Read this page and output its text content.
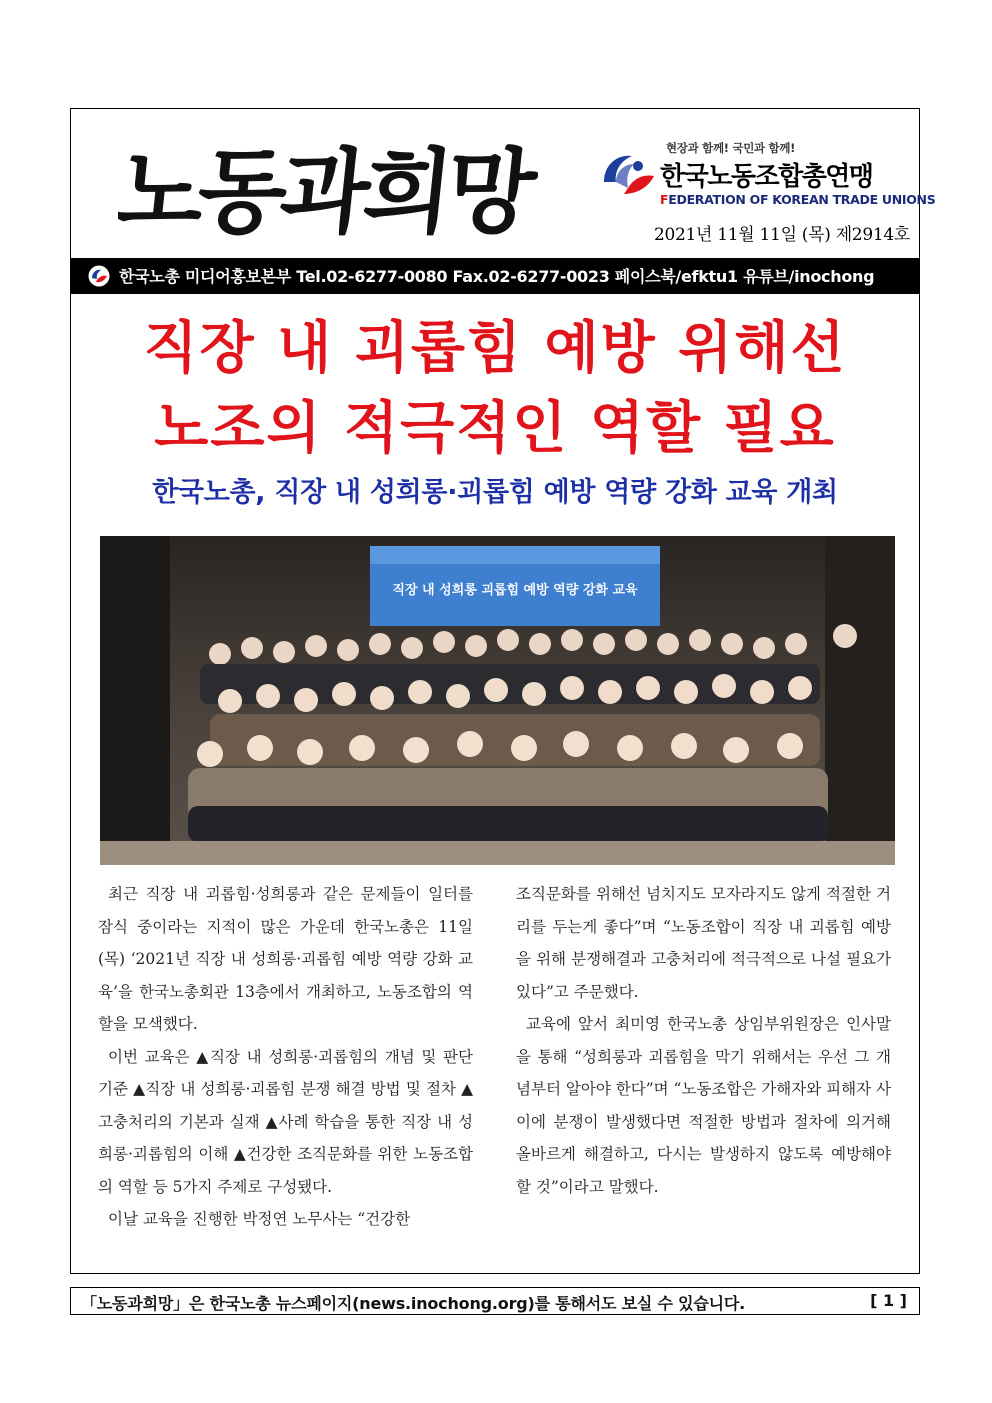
노동과희망	현장과 함께! 국민과 함께!
한국노동조합총연맹
FEDERATION OF KOREAN TRADE UNIONS
2021년 11월 11일 (목) 제2914호
한국노총 미디어홍보본부 Tel.02-6277-0080 Fax.02-6277-0023 페이스북/efktu1 유튜브/inochong
직장 내 괴롭힘 예방 위해선
노조의 적극적인 역할 필요
한국노총, 직장 내 성희롱·괴롭힘 예방 역량 강화 교육 개최
직장 내 성희롱 괴롭힘 예방 역량 강화 교육

최근 직장 내 괴롭힘·성희롱과 같은 문제들이 일터를 잠식 중이라는 지적이 많은 가운데 한국노총은 11일(목) ‘2021년 직장 내 성희롱·괴롭힘 예방 역량 강화 교육’을 한국노총회관 13층에서 개최하고, 노동조합의 역할을 모색했다.

이번 교육은 ▲직장 내 성희롱·괴롭힘의 개념 및 판단기준 ▲직장 내 성희롱·괴롭힘 분쟁 해결 방법 및 절차 ▲고충처리의 기본과 실재 ▲사례 학습을 통한 직장 내 성희롱·괴롭힘의 이해 ▲건강한 조직문화를 위한 노동조합의 역할 등 5가지 주제로 구성됐다.

이날 교육을 진행한 박정연 노무사는 “건강한

조직문화를 위해선 넘치지도 모자라지도 않게 적절한 거리를 두는게 좋다”며 “노동조합이 직장 내 괴롭힘 예방을 위해 분쟁해결과 고충처리에 적극적으로 나설 필요가 있다”고 주문했다.

교육에 앞서 최미영 한국노총 상임부위원장은 인사말을 통해 “성희롱과 괴롭힘을 막기 위해서는 우선 그 개념부터 알아야 한다”며 “노동조합은 가해자와 피해자 사이에 분쟁이 발생했다면 적절한 방법과 절차에 의거해 올바르게 해결하고, 다시는 발생하지 않도록 예방해야 할 것”이라고 말했다.

「노동과희망」은 한국노총 뉴스페이지(news.inochong.org)를 통해서도 보실 수 있습니다.	[ 1 ]
